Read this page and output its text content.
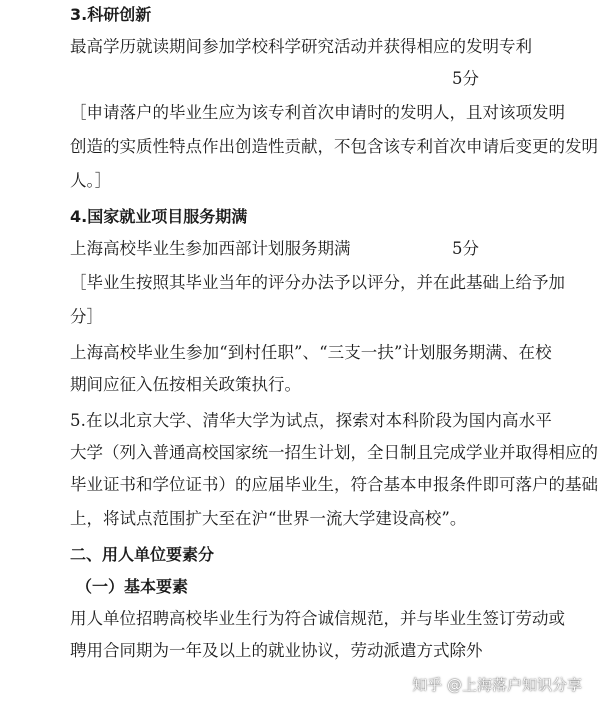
3.科研创新
最高学历就读期间参加学校科学研究活动并获得相应的发明专利
5分
［ 申 请 落 户 的 毕 业 生 应 为 该 专 利 首 次 申 请 时 的 发 明 人 ， 且 对 该 项 发 明
创 造 的 实 质 性 特 点 作 出 创 造 性 贡 献 ， 不 包 含 该 专 利 首 次 申 请 后 变 更 的 发 明
人。］
4.国家就业项目服务期满
上海高校毕业生参加西部计划服务期满	5分
［ 毕 业 生 按 照 其 毕 业 当 年 的 评 分 办 法 予 以 评 分 ， 并 在 此 基 础 上 给 予 加
分］
上 海 高 校 毕 业 生 参 加 “ 到 村 任 职 ” 、 “ 三 支 一 扶 ” 计 划 服 务 期 满 、 在 校
期间应征入伍按相关政策执行。
5 . 在 以 北 京 大 学 、 清 华 大 学 为 试 点 ， 探 索 对 本 科 阶 段 为 国 内 高 水 平
大 学 （ 列 入 普 通 高 校 国 家 统 一 招 生 计 划 ， 全 日 制 且 完 成 学 业 并 取 得 相 应 的
毕 业 证 书 和 学 位 证 书 ） 的 应 届 毕 业 生 ， 符 合 基 本 申 报 条 件 即 可 落 户 的 基 础
上，将试点范围扩大至在沪“世界一流大学建设高校”。
二、用人单位要素分
（一）基本要素
用 人 单 位 招 聘 高 校 毕 业 生 行 为 符 合 诚 信 规 范 ， 并 与 毕 业 生 签 订 劳 动 或
聘用合同期为一年及以上的就业协议，劳动派遣方式除外
知乎 @上海落户知识分享
